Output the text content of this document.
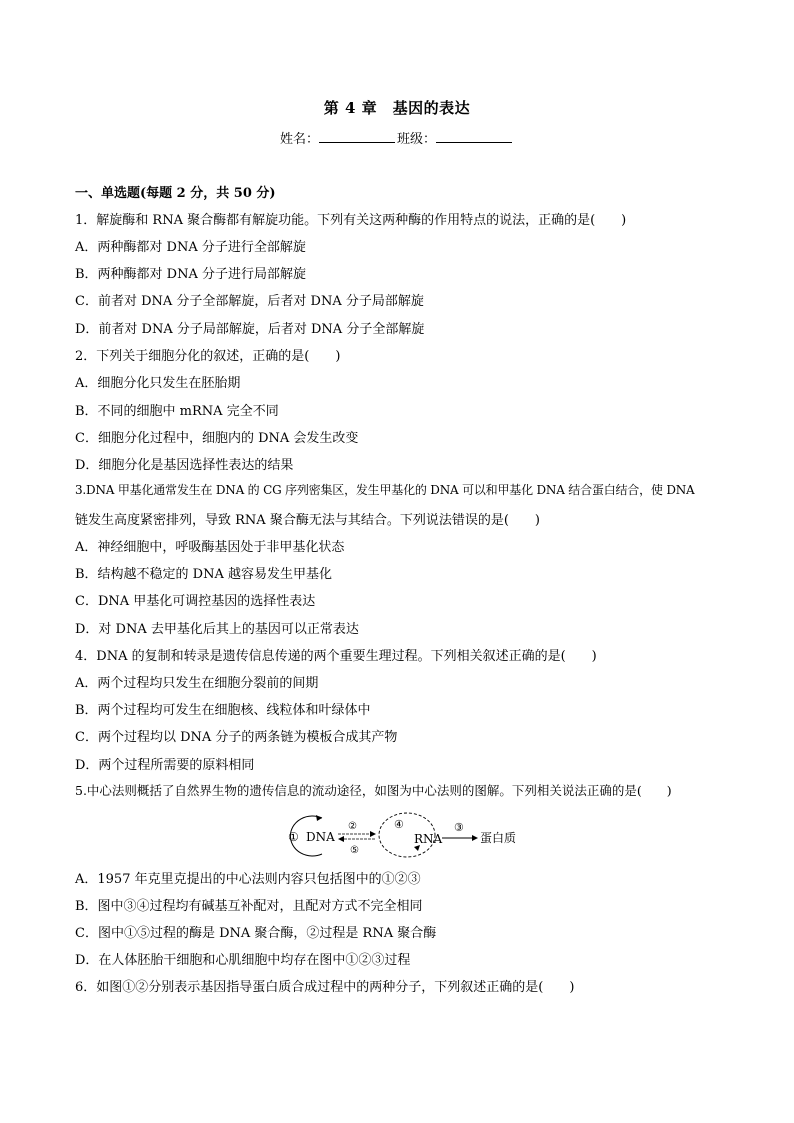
第 4 章　基因的表达
姓名：	班级：
一、单选题(每题 2 分，共 50 分)
1．解旋酶和 RNA 聚合酶都有解旋功能。下列有关这两种酶的作用特点的说法，正确的是(　　)
A．两种酶都对 DNA 分子进行全部解旋
B．两种酶都对 DNA 分子进行局部解旋
C．前者对 DNA 分子全部解旋，后者对 DNA 分子局部解旋
D．前者对 DNA 分子局部解旋，后者对 DNA 分子全部解旋
2．下列关于细胞分化的叙述，正确的是(　　)
A．细胞分化只发生在胚胎期
B．不同的细胞中 mRNA 完全不同
C．细胞分化过程中，细胞内的 DNA 会发生改变
D．细胞分化是基因选择性表达的结果
3.DNA 甲基化通常发生在 DNA 的 CG 序列密集区，发生甲基化的 DNA 可以和甲基化 DNA 结合蛋白结合，使 DNA
链发生高度紧密排列，导致 RNA 聚合酶无法与其结合。下列说法错误的是(　　)
A．神经细胞中，呼吸酶基因处于非甲基化状态
B．结构越不稳定的 DNA 越容易发生甲基化
C．DNA 甲基化可调控基因的选择性表达
D．对 DNA 去甲基化后其上的基因可以正常表达
4．DNA 的复制和转录是遗传信息传递的两个重要生理过程。下列相关叙述正确的是(　　)
A．两个过程均只发生在细胞分裂前的间期
B．两个过程均可发生在细胞核、线粒体和叶绿体中
C．两个过程均以 DNA 分子的两条链为模板合成其产物
D．两个过程所需要的原料相同
5.中心法则概括了自然界生物的遗传信息的流动途径，如图为中心法则的图解。下列相关说法正确的是(　　)
① DNA
②
⑤
④
RNA
③
蛋白质
A．1957 年克里克提出的中心法则内容只包括图中的①②③
B．图中③④过程均有碱基互补配对，且配对方式不完全相同
C．图中①⑤过程的酶是 DNA 聚合酶，②过程是 RNA 聚合酶
D．在人体胚胎干细胞和心肌细胞中均存在图中①②③过程
6．如图①②分别表示基因指导蛋白质合成过程中的两种分子，下列叙述正确的是(　　)
